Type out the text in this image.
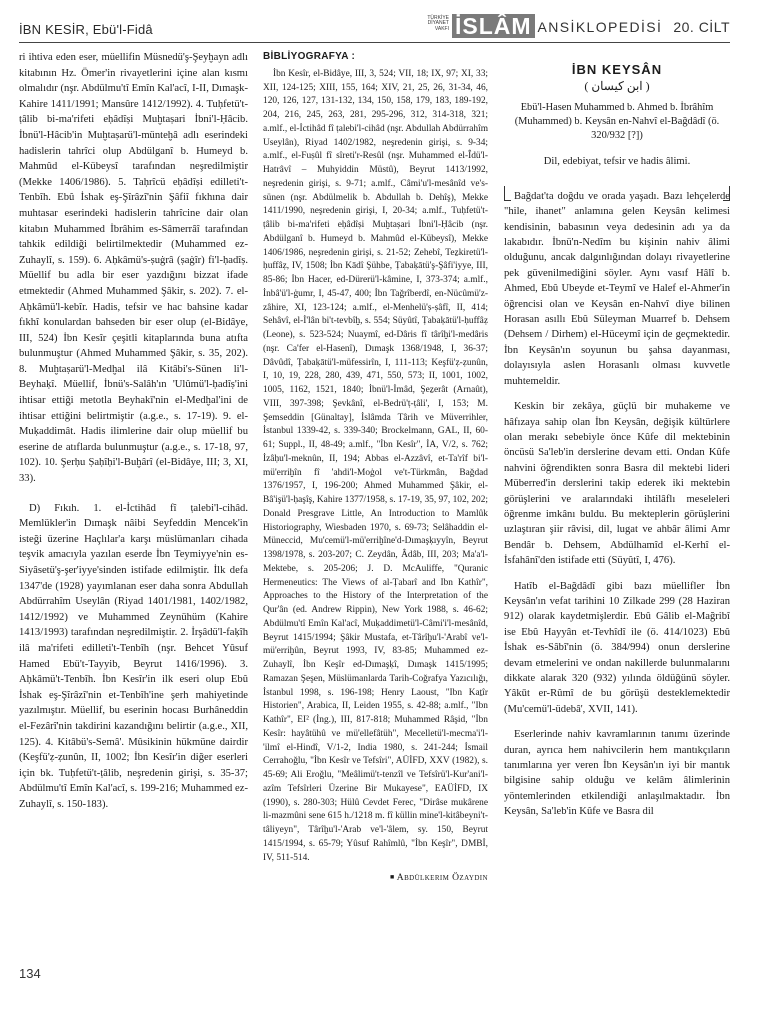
İBN KESİR, Ebü'l-Fidâ
TÜRKİYE
DİYANET
VAKFI İSLÂM ANSİKLOPEDİSİ 20. CİLT

ri ihtiva eden eser, müellifin Müsnedü'ş-Şeyḫayn adlı kitabının Hz. Ömer'in rivayetlerini içine alan kısmı olmalıdır (nşr. Abdülmu'tî Emîn Kal'acî, I-II, Dımaşk-Kahire 1411/1991; Mansûre 1412/1992). 4. Tuḥfetü't-ṭâlib bi-ma'rifeti eḥâdîṣi Muḫtaṣari İbni'l-Ḥâcib. İbnü'l-Hâcib'in Muḫtaṣarü'l-münteḫâ adlı eserindeki hadislerin tahrîci olup Abdülganî b. Humeyd b. Mahmûd el-Kübeysî tarafından neşredilmiştir (Mekke 1406/1986). 5. Taḥrîcü eḥâdîṣi edilleti't-Tenbîh. Ebû İshak eş-Şîrâzî'nin Şâfiî fıkhına dair muhtasar eserindeki hadislerin tahrîcine dair olan kitabın Muhammed İbrâhim es-Sâmerrâî tarafından tahkik edildiği belirtilmektedir (Muhammed ez-Zuhaylî, s. 159). 6. Aḥkâmü's-ṣuġrâ (ṣaġîr) fi'l-ḥadîṣ. Müellif bu adla bir eser yazdığını bizzat ifade etmektedir (Ahmed Muhammed Şâkir, s. 202). 7. el-Aḥkâmü'l-kebîr. Hadis, tefsir ve hac bahsine kadar fıkhî konulardan bahseden bir eser olup (el-Bidâye, III, 524) İbn Kesîr çeşitli kitaplarında buna atıfta bulunmuştur (Ahmed Muhammed Şâkir, s. 35, 202). 8. Muḫtaṣarü'l-Medḫal ilâ Kitâbi's-Sünen li'l-Beyhaḳî. Müellif, İbnü's-Salâh'ın 'Ulûmü'l-ḥadîṣ'ini ihtisar ettiği metotla Beyhakī'nin el-Medḫal'ini de ihtisar ettiğini belirtmiştir (a.g.e., s. 17-19). 9. el-Muḳaddimât. Hadis ilimlerine dair olup müellif bu eserine de atıflarda bulunmuştur (a.g.e., s. 17-18, 97, 102). 10. Şerḥu Ṣaḥîḥi'l-Buḫârî (el-Bidâye, III; 3, XI, 33).

D) Fıkıh. 1. el-İctihâd fî ṭalebi'l-cihâd. Memlükler'in Dımaşk nâibi Seyfeddin Mencek'in isteği üzerine Haçlılar'a karşı müslümanları cihada teşvik amacıyla yazılan eserde İbn Teymiyye'nin es-Siyâsetü'ş-şer'iyye'sinden istifade edilmiştir. İlk defa 1347'de (1928) yayımlanan eser daha sonra Abdullah Abdürrahîm Useylân (Riyad 1401/1981, 1402/1982, 1412/1992) ve Muhammed Zeynühüm (Kahire 1413/1993) tarafından neşredilmiştir. 2. İrşâdü'l-faḳîh ilâ ma'rifeti edilleti't-Tenbîh (nşr. Behcet Yûsuf Hamed Ebü't-Tayyib, Beyrut 1416/1996). 3. Aḥkâmü't-Tenbîh. İbn Kesîr'in ilk eseri olup Ebû İshak eş-Şîrâzî'nin et-Tenbîh'ine şerh mahiyetinde yazılmıştır. Müellif, bu eserinin hocası Burhâneddin el-Fezârî'nin takdirini kazandığını belirtir (a.g.e., XII, 125). 4. Kitâbü's-Semâ'. Mûsikinin hükmüne dairdir (Keşfü'ẓ-ẓunûn, II, 1002; İbn Kesîr'in diğer eserleri için bk. Tuḥfetü't-ṭâlib, neşredenin girişi, s. 35-37; Abdülmu'tî Emîn Kal'acî, s. 199-216; Muhammed ez-Zuhaylî, s. 150-183).

BİBLİYOGRAFYA :

İbn Kesîr, el-Bidâye, III, 3, 524; VII, 18; IX, 97; XI, 33; XII, 124-125; XIII, 155, 164; XIV, 21, 25, 26, 31-34, 46, 120, 126, 127, 131-132, 134, 150, 158, 179, 183, 189-192, 204, 216, 245, 263, 281, 295-296, 312, 314-318, 321; a.mlf., el-İctihâd fî ṭalebi'l-cihâd (nşr. Abdullah Abdürrahîm Useylân), Riyad 1402/1982, neşredenin girişi, s. 9-34; a.mlf., el-Fuṣûl fî sîreti'r-Resûl (nşr. Muhammed el-Îdü'l-Hatrâvî – Muhyiddin Müstû), Beyrut 1413/1992, neşredenin girişi, s. 9-71; a.mlf., Câmi'u'l-mesânîd ve's-sünen (nşr. Abdülmelik b. Abdullah b. Dehîş), Mekke 1411/1990, neşredenin girişi, I, 20-34; a.mlf., Tuḥfetü't-ṭâlib bi-ma'rifeti eḥâdîṣi Muḫtaṣari İbni'l-Ḥâcib (nşr. Abdülganî b. Humeyd b. Mahmûd el-Kübeysî), Mekke 1406/1986, neşredenin girişi, s. 21-52; Zehebî, Teẕkiretü'l-ḥuffâẓ, IV, 1508; İbn Kādî Şühbe, Ṭabaḳātü'ş-Şâfi'iyye, III, 85-86; İbn Hacer, ed-Dürerü'l-kâmine, I, 373-374; a.mlf., İnbâ'ü'l-ġumr, I, 45-47, 400; İbn Tağrîberdî, en-Nücûmü'z-zâhire, XI, 123-124; a.mlf., el-Menhelü'ṣ-ṣâfî, II, 414; Sehâvî, el-İ'lân bi't-tevbîḫ, s. 554; Süyûtî, Ṭabaḳātü'l-ḥuffâẓ (Leone), s. 523-524; Nuaymî, ed-Dâris fî târîḫi'l-medâris (nşr. Ca'fer el-Hasenî), Dımaşk 1368/1948, I, 36-37; Dâvûdî, Ṭabaḳātü'l-müfessirîn, I, 111-113; Keşfü'ẓ-ẓunûn, I, 10, 19, 228, 280, 439, 471, 550, 573; II, 1001, 1002, 1005, 1162, 1521, 1840; İbnü'l-İmâd, Şeẕerât (Arnaût), VIII, 397-398; Şevkânî, el-Bedrü'ṭ-ṭâli', I, 153; M. Şemseddin [Günaltay], İslâmda Târih ve Müverrihler, İstanbul 1339-42, s. 339-340; Brockelmann, GAL, II, 60-61; Suppl., II, 48-49; a.mlf., "İbn Kesîr", İA, V/2, s. 762; İzâḥu'l-meknûn, II, 194; Abbas el-Azzâvî, et-Ta'rîf bi'l-mü'erriḫîn fî 'ahdi'l-Moġol ve't-Türkmân, Bağdad 1376/1957, I, 196-200; Ahmed Muhammed Şâkir, el-Bâ'işü'l-ḥaşîş, Kahire 1377/1958, s. 17-19, 35, 97, 102, 202; Donald Presgrave Little, An Introduction to Mamlûk Historiography, Wiesbaden 1970, s. 69-73; Selâhaddin el-Müneccid, Mu'cemü'l-mü'erriḫîne'd-Dımaşḳıyyîn, Beyrut 1398/1978, s. 203-207; C. Zeydân, Âdâb, III, 203; Ma'a'l-Mektebe, s. 205-206; J. D. McAuliffe, "Quranic Hermeneutics: The Views of al-Ṭabarî and Ibn Kathîr", Approaches to the History of the Interpretation of the Qur'ân (ed. Andrew Rippin), New York 1988, s. 46-62; Abdülmu'tî Emîn Kal'acî, Muḳaddimetü'l-Câmi'i'l-mesânîd, Beyrut 1415/1994; Şâkir Mustafa, et-Târîḫu'l-'Arabî ve'l-mü'erriḫûn, Beyrut 1993, IV, 83-85; Muhammed ez-Zuhaylî, İbn Keşîr ed-Dımaşḳî, Dımaşk 1415/1995; Ramazan Şeşen, Müslümanlarda Tarih-Coğrafya Yazıcılığı, İstanbul 1998, s. 196-198; Henry Laoust, "Ibn Kaṯîr Historien", Arabica, II, Leiden 1955, s. 42-88; a.mlf., "Ibn Kathîr", EI² (İng.), III, 817-818; Muhammed Râşid, "İbn Kesîr: hayâtühû ve mü'ellefâtüh", Mecelletü'l-mecma'i'l-'ilmî el-Hindî, V/1-2, India 1980, s. 241-244; İsmail Cerrahoğlu, "İbn Kesîr ve Tefsîri", AÜİFD, XXV (1982), s. 45-69; Ali Eroğlu, "Meâlimü't-tenzîl ve Tefsîrü'l-Kur'ani'l-azîm Tefsîrleri Üzerine Bir Mukayese", EAÜİFD, IX (1990), s. 280-303; Hülû Cevdet Ferec, "Dirâse mukârene li-mazmûni sene 615 h./1218 m. fî küllin mine'l-kitâbeyni't-tâliyeyn", Târîḫu'l-'Arab ve'l-'âlem, sy. 150, Beyrut 1415/1994, s. 65-79; Yûsuf Rahîmlû, "İbn Keşîr", DMBİ, IV, 511-514.

■ Abdülkerim Özaydın
İBN KEYSÂN
( ابن كيسان )
Ebü'l-Hasen Muhammed b. Ahmed b. İbrâhîm (Muhammed) b. Keysân en-Nahvî el-Bağdâdî (ö. 320/932 [?])
Dil, edebiyat, tefsir ve hadis âlimi.

Bağdat'ta doğdu ve orada yaşadı. Bazı lehçelerde "hile, ihanet" anlamına gelen Keysân kelimesi kendisinin, babasının veya dedesinin adı ya da lakabıdır. İbnü'n-Nedîm bu kişinin nahiv âlimi olduğunu, ancak dalgınlığından dolayı rivayetlerine pek güvenilmediğini söyler. Aynı vasıf Hâlî b. Ahmed, Ebû Ubeyde et-Teymî ve Halef el-Ahmer'in öğrencisi olan ve Keysân en-Nahvî diye bilinen Horasan asıllı Ebû Süleyman Muarref b. Dehsem (Dehsem / Dirhem) el-Hüceymî için de geçmektedir. İbn Keysân'ın soyunun bu şahsa dayanması, dolayısıyla aslen Horasanlı olması kuvvetle muhtemeldir.

Keskin bir zekâya, güçlü bir muhakeme ve hâfızaya sahip olan İbn Keysân, değişik kültürlere olan merakı sebebiyle önce Kûfe dil mektebinin öncüsü Sa'leb'in derslerine devam etti. Ondan Kûfe nahvini öğrendikten sonra Basra dil mektebi lideri Müberred'in derslerini takip ederek iki mektebin görüşlerini ve aralarındaki ihtilâflı meseleleri öğrenme imkânı buldu. Bu mekteplerin görüşlerini uzlaştıran şiir râvisi, dil, lugat ve ahbâr âlimi Amr Bendâr b. Dehsem, Abdülhamîd el-Kerhî el-İsfahânî'den istifade etti (Süyûtî, I, 476).

Hatîb el-Bağdâdî gibi bazı müellifler İbn Keysân'ın vefat tarihini 10 Zilkade 299 (28 Haziran 912) olarak kaydetmişlerdir. Ebû Gâlib el-Mağribî ise Ebû Hayyân et-Tevhîdî ile (ö. 414/1023) Ebû İshak es-Sâbî'nin (ö. 384/994) onun derslerine devam etmelerini ve ondan nakillerde bulunmalarını dikkate alarak 320 (932) yılında öldüğünü söyler. Yâkūt er-Rûmî de bu görüşü desteklemektedir (Mu'cemü'l-üdebâ', XVII, 141).

Eserlerinde nahiv kavramlarının tanımı üzerinde duran, ayrıca hem nahivcilerin hem mantıkçıların tanımlarına yer veren İbn Keysân'ın iyi bir mantık bilgisine sahip olduğu ve kelâm âlimlerinin yöntemlerinden etkilendiği anlaşılmaktadır. İbn Keysân, Sa'leb'in Kûfe ve Basra dil

134
